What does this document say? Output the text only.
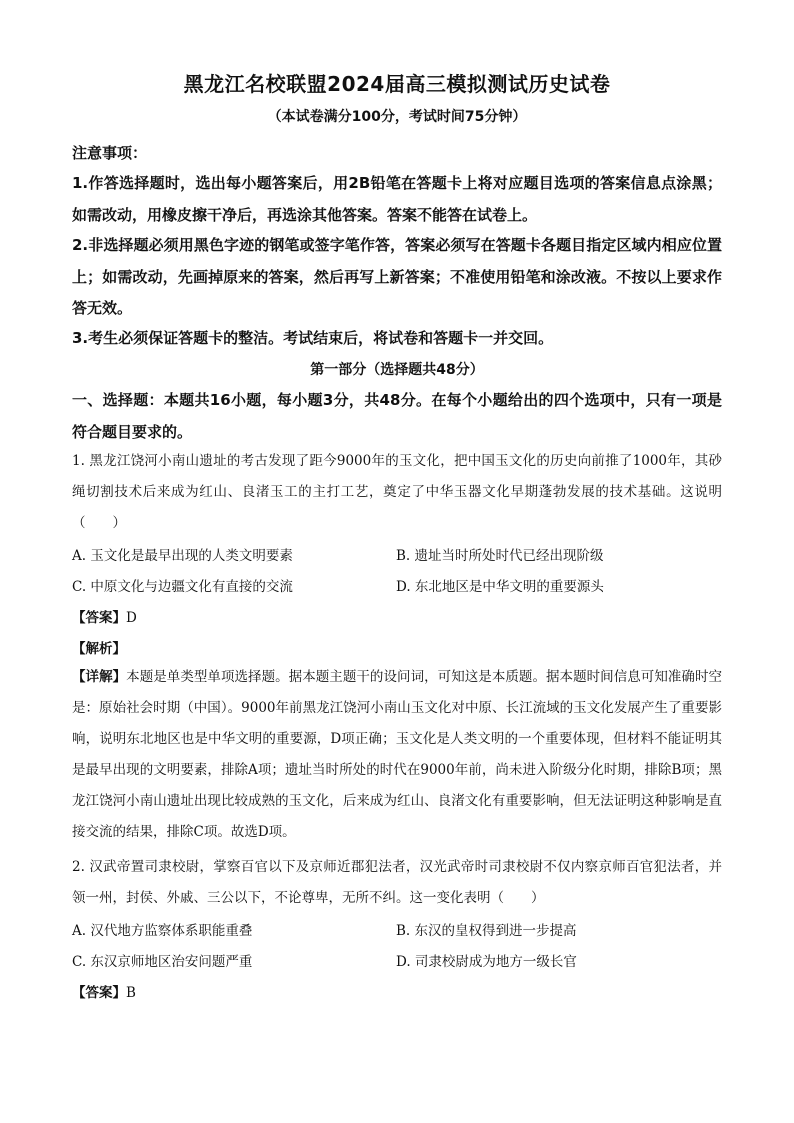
黑龙江名校联盟2024届高三模拟测试历史试卷

（本试卷满分100分，考试时间75分钟）

注意事项：

1.作答选择题时，选出每小题答案后，用2B铅笔在答题卡上将对应题目选项的答案信息点涂黑；如需改动，用橡皮擦干净后，再选涂其他答案。答案不能答在试卷上。

2.非选择题必须用黑色字迹的钢笔或签字笔作答，答案必须写在答题卡各题目指定区域内相应位置上；如需改动，先画掉原来的答案，然后再写上新答案；不准使用铅笔和涂改液。不按以上要求作答无效。

3.考生必须保证答题卡的整洁。考试结束后，将试卷和答题卡一并交回。

第一部分（选择题共48分）

一、选择题：本题共16小题，每小题3分，共48分。在每个小题给出的四个选项中，只有一项是符合题目要求的。

1. 黑龙江饶河小南山遗址的考古发现了距今9000年的玉文化，把中国玉文化的历史向前推了1000年，其砂绳切割技术后来成为红山、良渚玉工的主打工艺，奠定了中华玉器文化早期蓬勃发展的技术基础。这说明（　　）

A. 玉文化是最早出现的人类文明要素	B. 遗址当时所处时代已经出现阶级
C. 中原文化与边疆文化有直接的交流	D. 东北地区是中华文明的重要源头
【答案】D
【解析】

【详解】本题是单类型单项选择题。据本题主题干的设问词，可知这是本质题。据本题时间信息可知准确时空是：原始社会时期（中国）。9000年前黑龙江饶河小南山玉文化对中原、长江流域的玉文化发展产生了重要影响，说明东北地区也是中华文明的重要源，D项正确；玉文化是人类文明的一个重要体现，但材料不能证明其是最早出现的文明要素，排除A项；遗址当时所处的时代在9000年前，尚未进入阶级分化时期，排除B项；黑龙江饶河小南山遗址出现比较成熟的玉文化，后来成为红山、良渚文化有重要影响，但无法证明这种影响是直接交流的结果，排除C项。故选D项。

2. 汉武帝置司隶校尉，掌察百官以下及京师近郡犯法者，汉光武帝时司隶校尉不仅内察京师百官犯法者，并领一州，封侯、外戚、三公以下，不论尊卑，无所不纠。这一变化表明（　　）

A. 汉代地方监察体系职能重叠	B. 东汉的皇权得到进一步提高
C. 东汉京师地区治安问题严重	D. 司隶校尉成为地方一级长官
【答案】B
